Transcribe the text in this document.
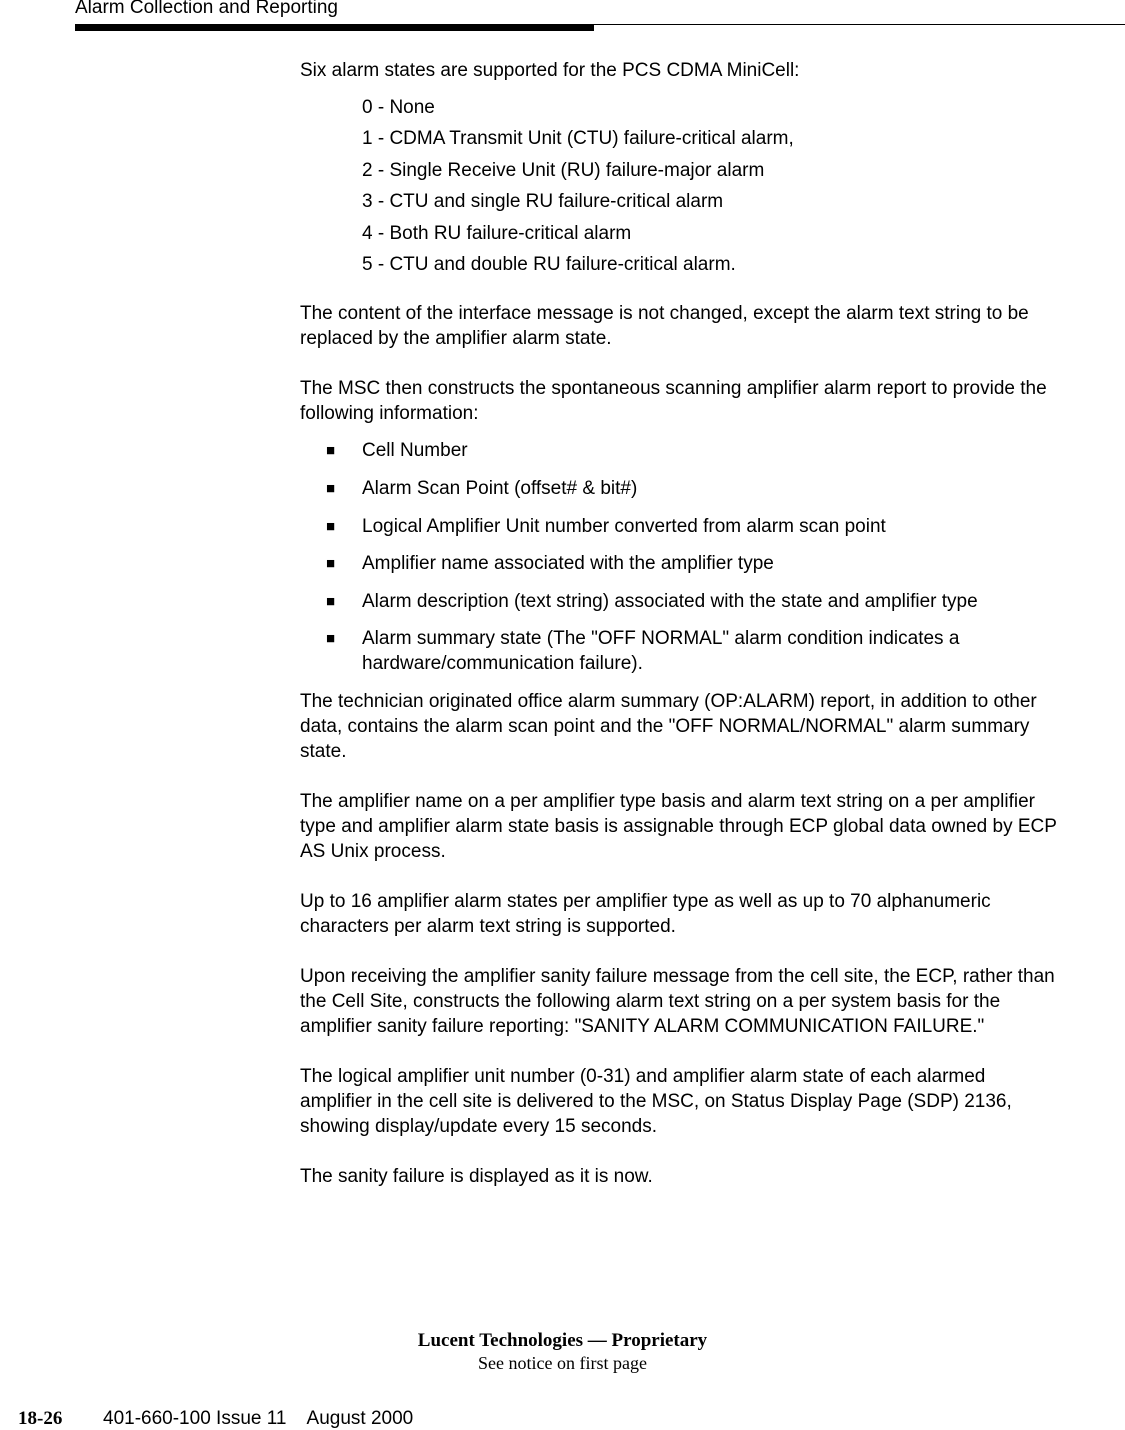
Alarm Collection and Reporting

Six alarm states are supported for the PCS CDMA MiniCell:

0 - None
1 - CDMA Transmit Unit (CTU) failure-critical alarm,
2 - Single Receive Unit (RU) failure-major alarm
3 - CTU and single RU failure-critical alarm
4 - Both RU failure-critical alarm
5 - CTU and double RU failure-critical alarm.

The content of the interface message is not changed, except the alarm text string to be replaced by the amplifier alarm state.

The MSC then constructs the spontaneous scanning amplifier alarm report to provide the following information:

■	Cell Number
■	Alarm Scan Point (offset# & bit#)
■	Logical Amplifier Unit number converted from alarm scan point
■	Amplifier name associated with the amplifier type
■	Alarm description (text string) associated with the state and amplifier type
■	Alarm summary state (The "OFF NORMAL" alarm condition indicates a hardware/communication failure).

The technician originated office alarm summary (OP:ALARM) report, in addition to other data, contains the alarm scan point and the "OFF NORMAL/NORMAL" alarm summary state.

The amplifier name on a per amplifier type basis and alarm text string on a per amplifier type and amplifier alarm state basis is assignable through ECP global data owned by ECP AS Unix process.

Up to 16 amplifier alarm states per amplifier type as well as up to 70 alphanumeric characters per alarm text string is supported.

Upon receiving the amplifier sanity failure message from the cell site, the ECP, rather than the Cell Site, constructs the following alarm text string on a per system basis for the amplifier sanity failure reporting: "SANITY ALARM COMMUNICATION FAILURE."

The logical amplifier unit number (0-31) and amplifier alarm state of each alarmed amplifier in the cell site is delivered to the MSC, on Status Display Page (SDP) 2136, showing display/update every 15 seconds.

The sanity failure is displayed as it is now.

Lucent Technologies — Proprietary
See notice on first page
18-26 401-660-100 Issue 11    August 2000
